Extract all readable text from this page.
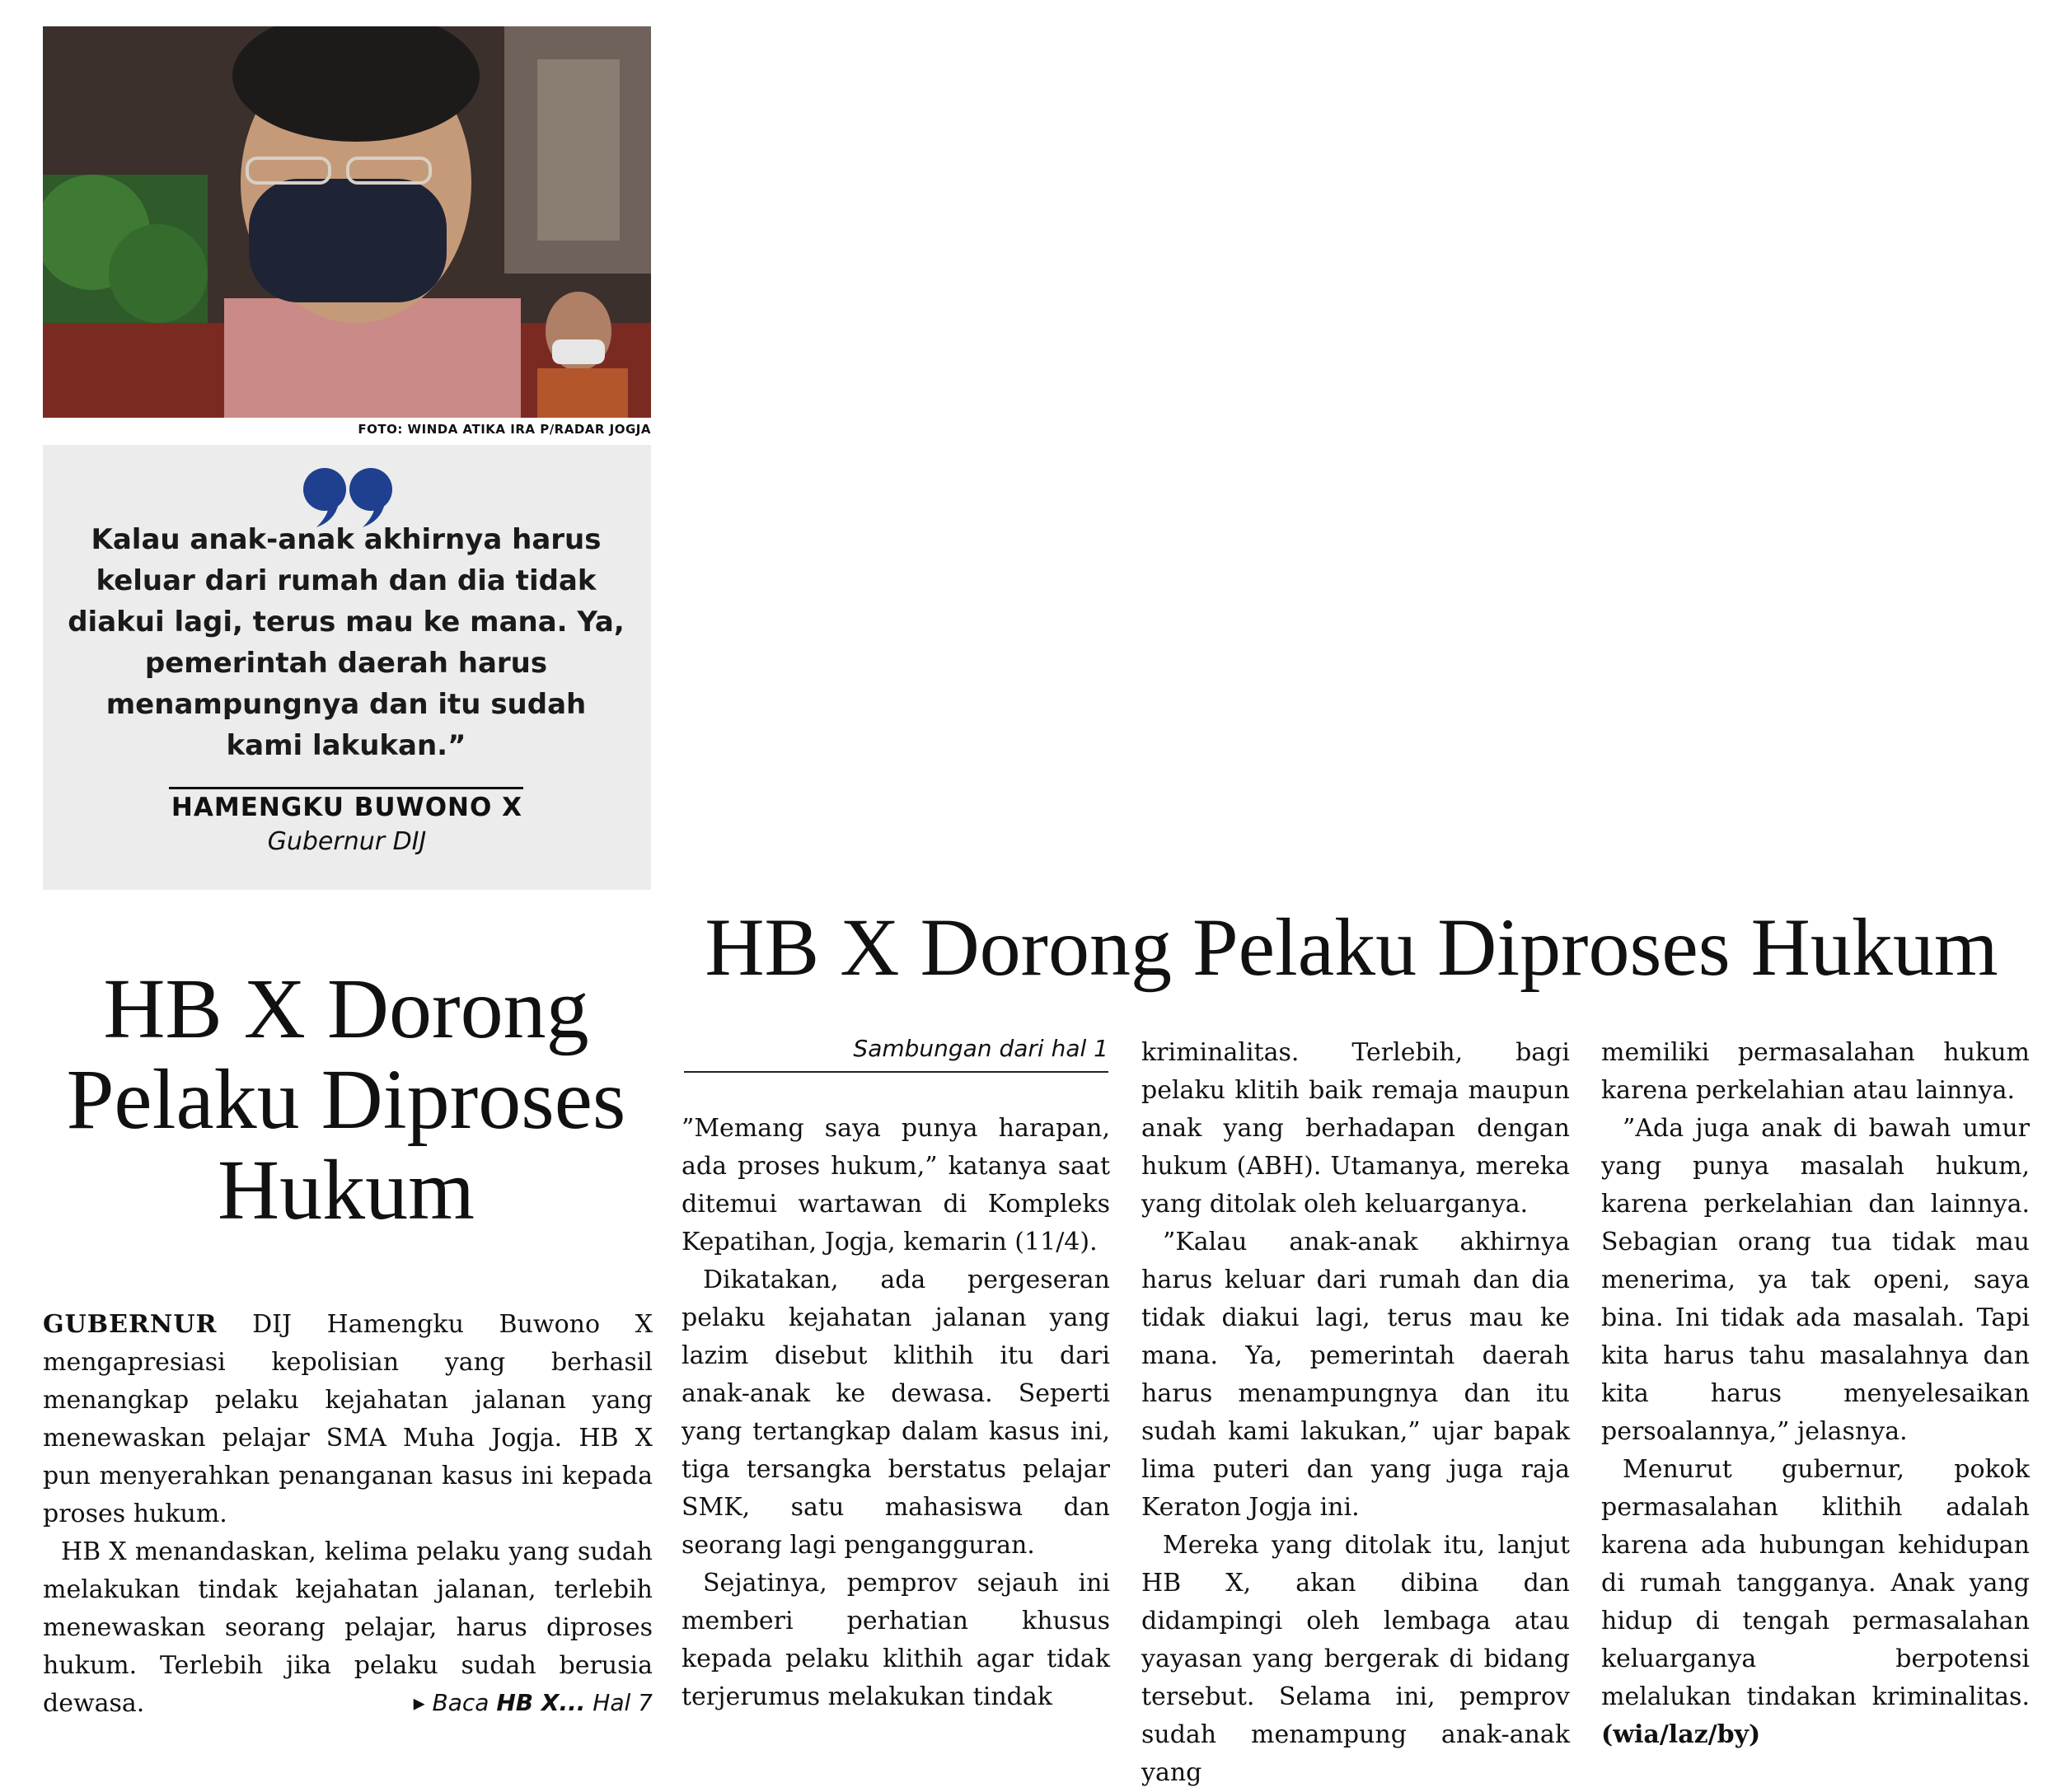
FOTO: WINDA ATIKA IRA P/RADAR JOGJA
Kalau anak-anak akhirnya harus keluar dari rumah dan dia tidak diakui lagi, terus mau ke mana. Ya, pemerintah daerah harus menampungnya dan itu sudah kami lakukan.”
HAMENGKU BUWONO X
Gubernur DIJ
HB X Dorong Pelaku Diproses Hukum

GUBERNUR DIJ Hamengku Buwono X mengapresiasi kepolisian yang berhasil menangkap pelaku kejahatan jalanan yang menewaskan pelajar SMA Muha Jogja. HB X pun menyerahkan penanganan kasus ini kepada proses hukum.

HB X menandaskan, kelima pelaku yang sudah melakukan tindak kejahatan jalanan, terlebih menewaskan seorang pelajar, harus diproses hukum. Terlebih jika pelaku sudah berusia dewasa.	▸ Baca HB X... Hal 7
HB X Dorong Pelaku Diproses Hukum
Sambungan dari hal 1

”Memang saya punya harapan, ada proses hukum,” katanya saat ditemui wartawan di Kompleks Kepatihan, Jogja, kemarin (11/4).

Dikatakan, ada pergeseran pelaku kejahatan jalanan yang lazim disebut klithih itu dari anak-anak ke dewasa. Seperti yang tertangkap dalam kasus ini, tiga tersangka berstatus pelajar SMK, satu mahasiswa dan seorang lagi pengangguran.

Sejatinya, pemprov sejauh ini memberi perhatian khusus kepada pelaku klithih agar tidak terjerumus melakukan tindak

kriminalitas. Terlebih, bagi pelaku klitih baik remaja maupun anak yang berhadapan dengan hukum (ABH). Utamanya, mereka yang ditolak oleh keluarganya.

”Kalau anak-anak akhirnya harus keluar dari rumah dan dia tidak diakui lagi, terus mau ke mana. Ya, pemerintah daerah harus menampungnya dan itu sudah kami lakukan,” ujar bapak lima puteri dan yang juga raja Keraton Jogja ini.

Mereka yang ditolak itu, lanjut HB X, akan dibina dan didampingi oleh lembaga atau yayasan yang bergerak di bidang tersebut. Selama ini, pemprov sudah menampung anak-anak yang

memiliki permasalahan hukum karena perkelahian atau lainnya.

”Ada juga anak di bawah umur yang punya masalah hukum, karena perkelahian dan lainnya. Sebagian orang tua tidak mau menerima, ya tak openi, saya bina. Ini tidak ada masalah. Tapi kita harus tahu masalahnya dan kita harus menyelesaikan persoalannya,” jelasnya.

Menurut gubernur, pokok permasalahan klithih adalah karena ada hubungan kehidupan di rumah tangganya. Anak yang hidup di tengah permasalahan keluarganya berpotensi melalukan tindakan kriminalitas. (wia/laz/by)
